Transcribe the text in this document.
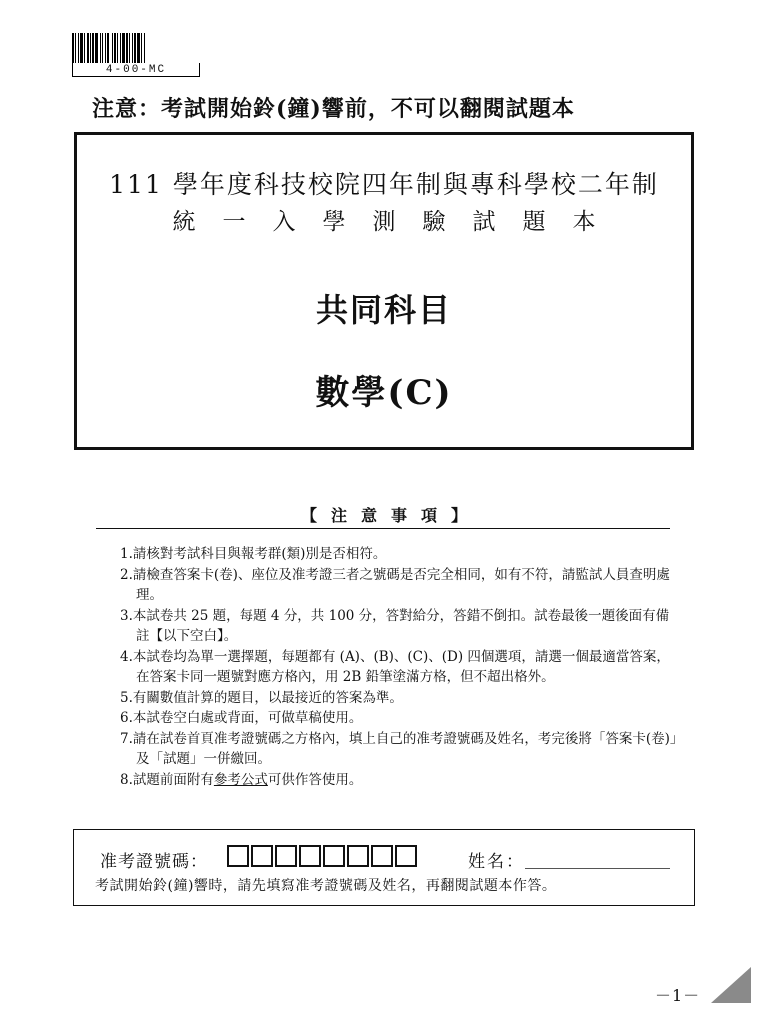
4-00-MC
注意：考試開始鈴(鐘)響前，不可以翻閱試題本
111 學年度科技校院四年制與專科學校二年制
統一入學測驗試題本
共同科目
數學(C)
【注意事項】
1.請核對考試科目與報考群(類)別是否相符。
2.請檢查答案卡(卷)、座位及准考證三者之號碼是否完全相同，如有不符，請監試人員查明處理。
3.本試卷共 25 題，每題 4 分，共 100 分，答對給分，答錯不倒扣。試卷最後一題後面有備註【以下空白】。
4.本試卷均為單一選擇題，每題都有 (A)、(B)、(C)、(D) 四個選項，請選一個最適當答案，在答案卡同一題號對應方格內，用 2B 鉛筆塗滿方格，但不超出格外。
5.有關數值計算的題目，以最接近的答案為準。
6.本試卷空白處或背面，可做草稿使用。
7.請在試卷首頁准考證號碼之方格內，填上自己的准考證號碼及姓名，考完後將「答案卡(卷)」及「試題」一併繳回。
8.試題前面附有參考公式可供作答使用。
准考證號碼：	姓名：
考試開始鈴(鐘)響時，請先填寫准考證號碼及姓名，再翻閱試題本作答。
－1－
